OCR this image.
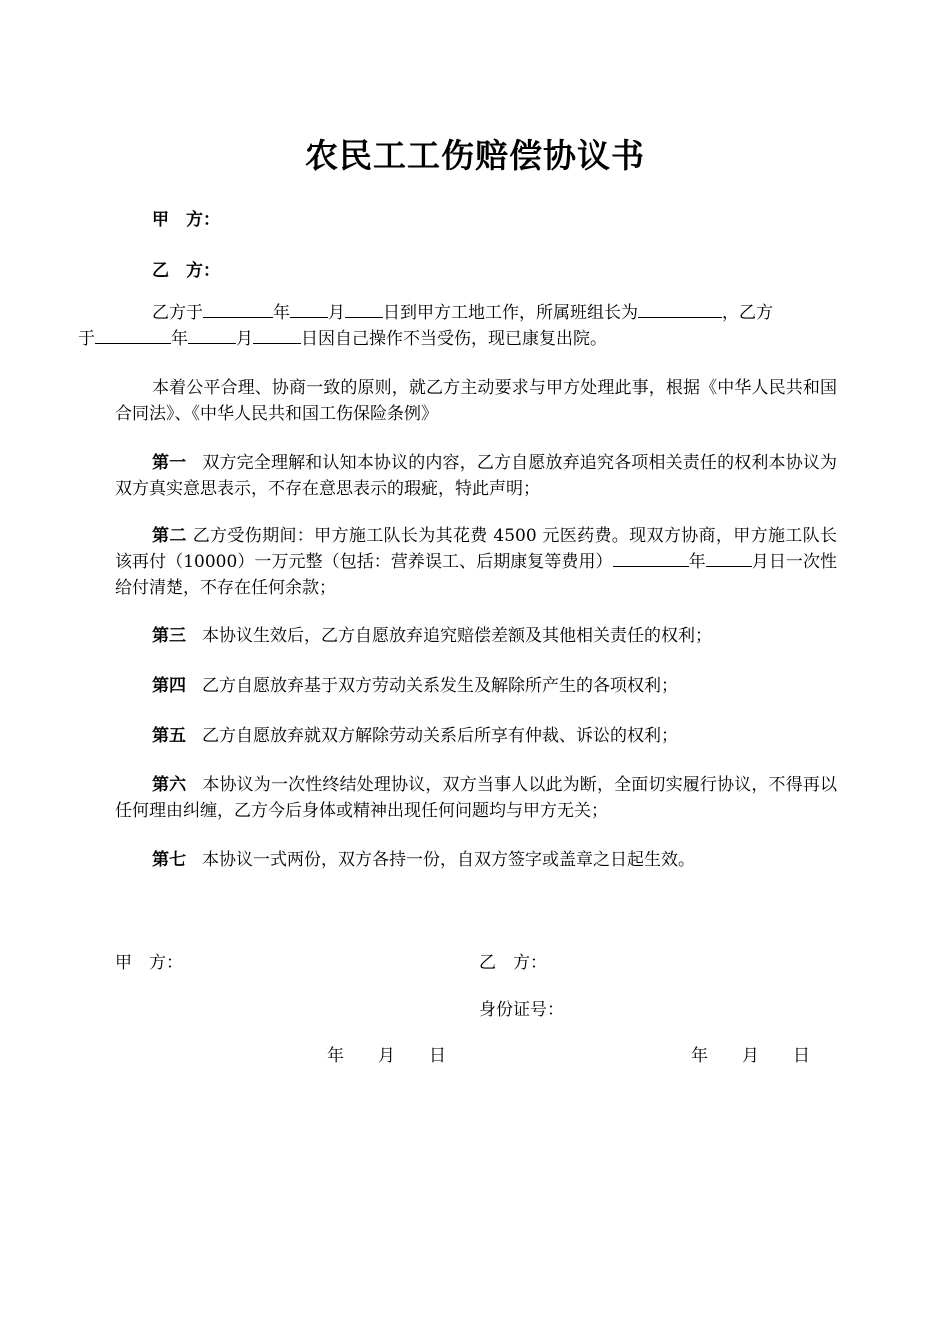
农民工工伤赔偿协议书
甲　方：
乙　方：
乙方于	年 月 日到甲方工地工作，所属班组长为	，乙方
于	年	月	日因自己操作不当受伤，现已康复出院。
本着公平合理、协商一致的原则，就乙方主动要求与甲方处理此事，根据《中华人民共和国合同法》、《中华人民共和国工伤保险条例》
第一 双方完全理解和认知本协议的内容，乙方自愿放弃追究各项相关责任的权利本协议为双方真实意思表示，不存在意思表示的瑕疵，特此声明；
第二 乙方受伤期间：甲方施工队长为其花费 4500 元医药费。现双方协商，甲方施工队长该再付（10000）一万元整（包括：营养误工、后期康复等费用）	年	月日一次性给付清楚，不存在任何余款；
第三 本协议生效后，乙方自愿放弃追究赔偿差额及其他相关责任的权利；
第四 乙方自愿放弃基于双方劳动关系发生及解除所产生的各项权利；
第五 乙方自愿放弃就双方解除劳动关系后所享有仲裁、诉讼的权利；
第六 本协议为一次性终结处理协议，双方当事人以此为断，全面切实履行协议，不得再以任何理由纠缠，乙方今后身体或精神出现任何问题均与甲方无关；
第七 本协议一式两份，双方各持一份，自双方签字或盖章之日起生效。
甲　方：	乙　方：
身份证号：
年　　月　　日	年　　月　　日
